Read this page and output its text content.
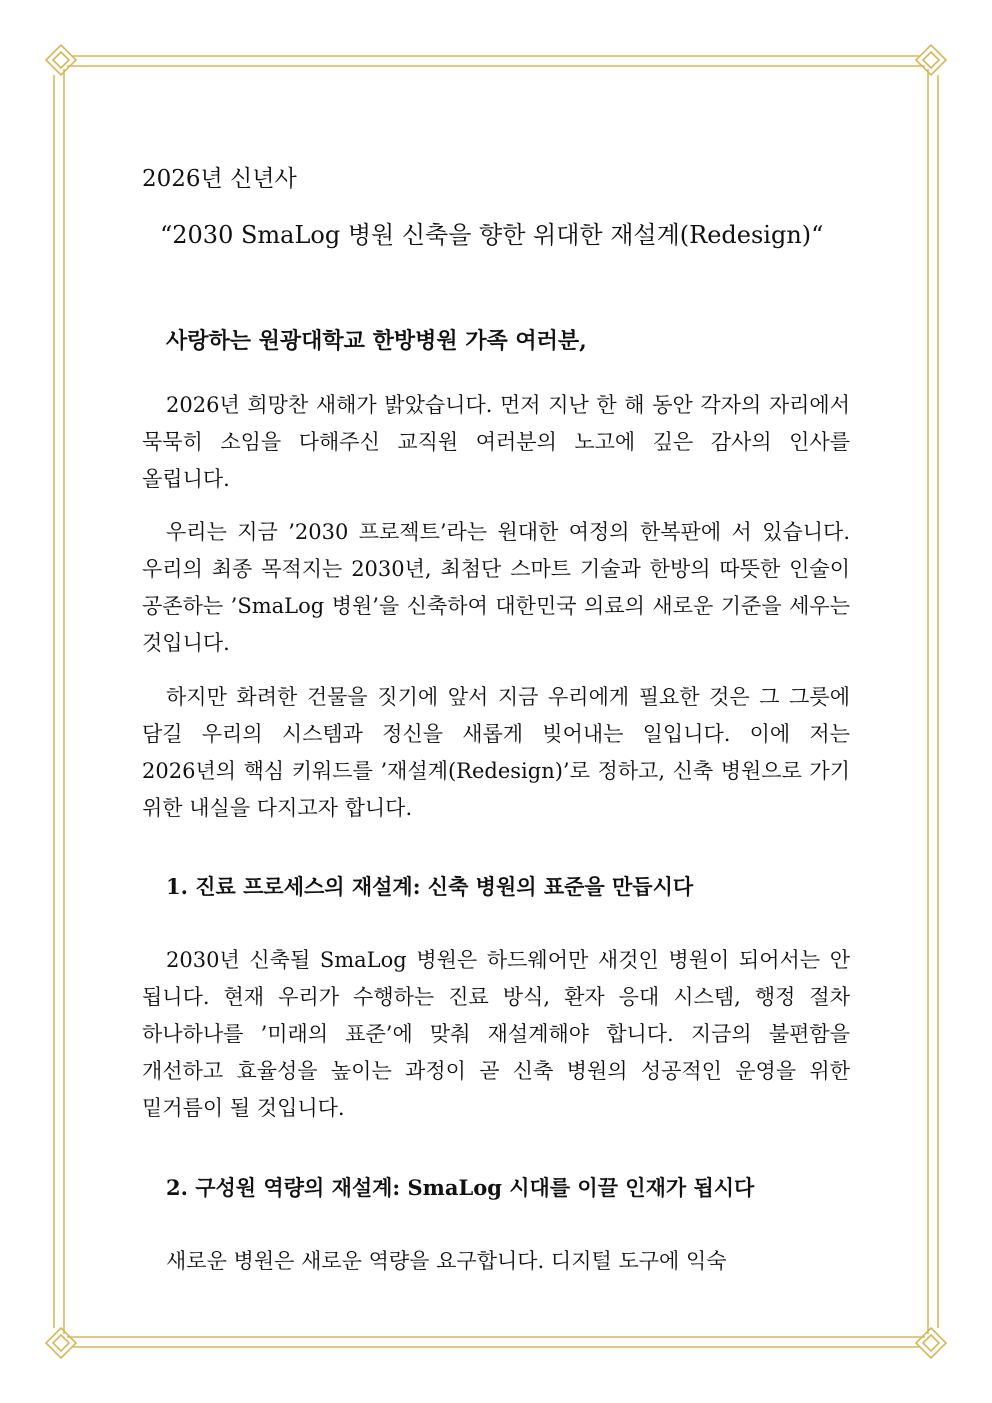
2026년 신년사
“2030 SmaLog 병원 신축을 향한 위대한 재설계(Redesign)“
사랑하는 원광대학교 한방병원 가족 여러분,

2026년 희망찬 새해가 밝았습니다. 먼저 지난 한 해 동안 각자의 자리에서 묵묵히 소임을 다해주신 교직원 여러분의 노고에 깊은 감사의 인사를 올립니다.

우리는 지금 ’2030 프로젝트’라는 원대한 여정의 한복판에 서 있습니다. 우리의 최종 목적지는 2030년, 최첨단 스마트 기술과 한방의 따뜻한 인술이 공존하는 ’SmaLog 병원’을 신축하여 대한민국 의료의 새로운 기준을 세우는 것입니다.

하지만 화려한 건물을 짓기에 앞서 지금 우리에게 필요한 것은 그 그릇에 담길 우리의 시스템과 정신을 새롭게 빚어내는 일입니다. 이에 저는 2026년의 핵심 키워드를 ’재설계(Redesign)’로 정하고, 신축 병원으로 가기 위한 내실을 다지고자 합니다.

1. 진료 프로세스의 재설계: 신축 병원의 표준을 만듭시다

2030년 신축될 SmaLog 병원은 하드웨어만 새것인 병원이 되어서는 안 됩니다. 현재 우리가 수행하는 진료 방식, 환자 응대 시스템, 행정 절차 하나하나를 ’미래의 표준’에 맞춰 재설계해야 합니다. 지금의 불편함을 개선하고 효율성을 높이는 과정이 곧 신축 병원의 성공적인 운영을 위한 밑거름이 될 것입니다.

2. 구성원 역량의 재설계: SmaLog 시대를 이끌 인재가 됩시다

새로운 병원은 새로운 역량을 요구합니다. 디지털 도구에 익숙
